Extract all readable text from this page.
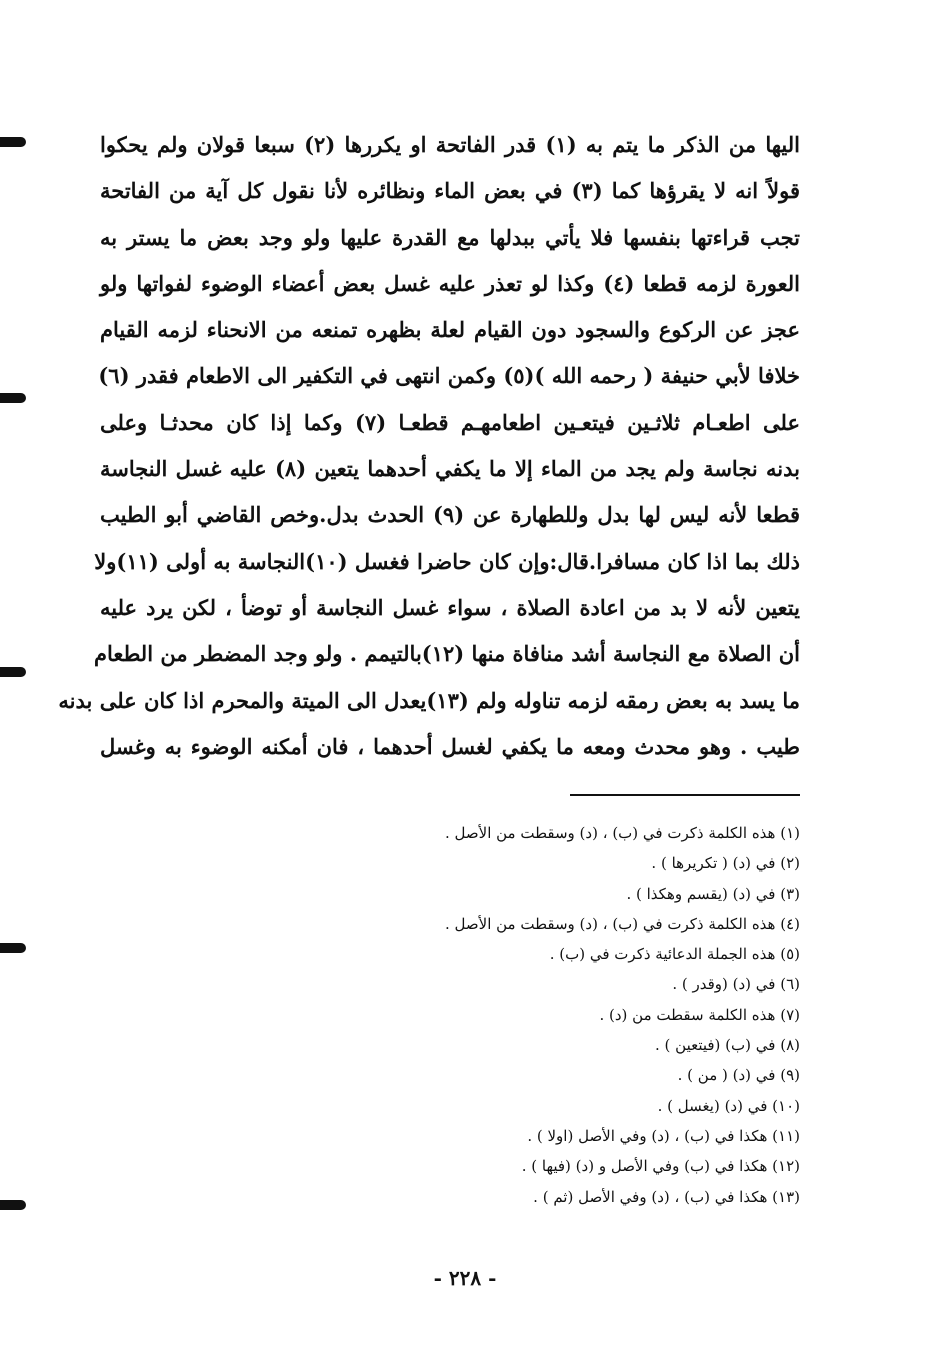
اليها من الذكر ما يتم به (١) قدر الفاتحة او يكررها (٢) سبعا قولان ولم يحكوا
قولاً انه لا يقرؤها كما (٣) في بعض الماء ونظائره لأنا نقول كل آية من الفاتحة
تجب قراءتها بنفسها فلا يأتي ببدلها مع القدرة عليها ولو وجد بعض ما يستر به
العورة لزمه قطعا (٤) وكذا لو تعذر عليه غسل بعض أعضاء الوضوء لفواتها ولو
عجز عن الركوع والسجود دون القيام لعلة بظهره تمنعه من الانحناء لزمه القيام
خلافا لأبي حنيفة ( رحمه الله )(٥) وكمن انتهى في التكفير الى الاطعام فقدر (٦)
على اطعـام ثلاثـين فيتعـين اطعامهـم قطعـا (٧) وكما إذا كان محدثـا وعلى
بدنه نجاسة ولم يجد من الماء إلا ما يكفي أحدهما يتعين (٨) عليه غسل النجاسة
قطعا لأنه ليس لها بدل وللطهارة عن (٩) الحدث بدل.وخص القاضي أبو الطيب
ذلك بما اذا كان مسافرا.قال:وإن كان حاضرا فغسل (١٠)النجاسة به أولى (١١)ولا
يتعين لأنه لا بد من اعادة الصلاة ، سواء غسل النجاسة أو توضأ ، لكن يرد عليه
أن الصلاة مع النجاسة أشد منافاة منها (١٢)بالتيمم . ولو وجد المضطر من الطعام
ما يسد به بعض رمقه لزمه تناوله ولم (١٣)يعدل الى الميتة والمحرم اذا كان على بدنه
طيب . وهو محدث ومعه ما يكفي لغسل أحدهما ، فان أمكنه الوضوء به وغسل
(١) هذه الكلمة ذكرت في (ب) ، (د) وسقطت من الأصل .
(٢) في (د) ( تكريرها ) .
(٣) في (د) (يقسم وهكذا ) .
(٤) هذه الكلمة ذكرت في (ب) ، (د) وسقطت من الأصل .
(٥) هذه الجملة الدعائية ذكرت في (ب) .
(٦) في (د) (وقدر ) .
(٧) هذه الكلمة سقطت من (د) .
(٨) في (ب) (فيتعين ) .
(٩) في (د) ( من ) .
(١٠) في (د) (يغسل ) .
(١١) هكذا في (ب) ، (د) وفي الأصل (اولا ) .
(١٢) هكذا في (ب) وفي الأصل و (د) (فيها ) .
(١٣) هكذا في (ب) ، (د) وفي الأصل (ثم ) .
- ٢٢٨ -
